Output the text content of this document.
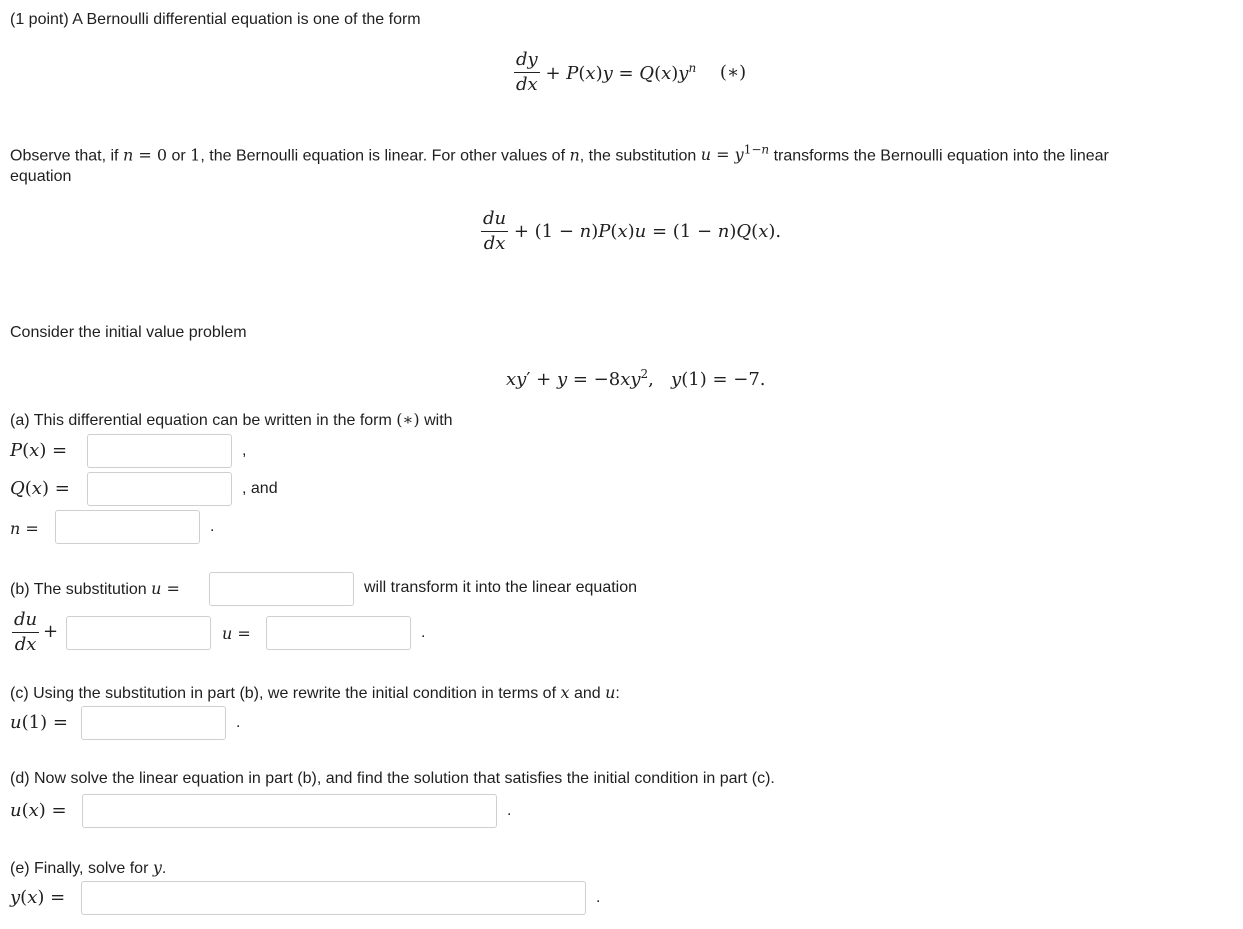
(1 point) A Bernoulli differential equation is one of the form
$\frac{dy}{dx} + P(x)y = Q(x)y^n$ (∗)
Observe that, if n = 0 or 1, the Bernoulli equation is linear. For other values of n, the substitution $u = y^{1-n}$ transforms the Bernoulli equation into the linear
equation
$\frac{du}{dx} + (1 - n)P(x)u = (1 - n)Q(x)$.
Consider the initial value problem
$xy' + y = -8xy^2$,   y(1) = −7.
(a) This differential equation can be written in the form (∗) with
P(x) =	,
Q(x) =	, and
n =	.
(b) The substitution u =	will transform it into the linear equation
$\frac{du}{dx}$ +	u =	.
(c) Using the substitution in part (b), we rewrite the initial condition in terms of x and u:
u(1) =	.
(d) Now solve the linear equation in part (b), and find the solution that satisfies the initial condition in part (c).
u(x) =	.
(e) Finally, solve for y.
y(x) =	.
